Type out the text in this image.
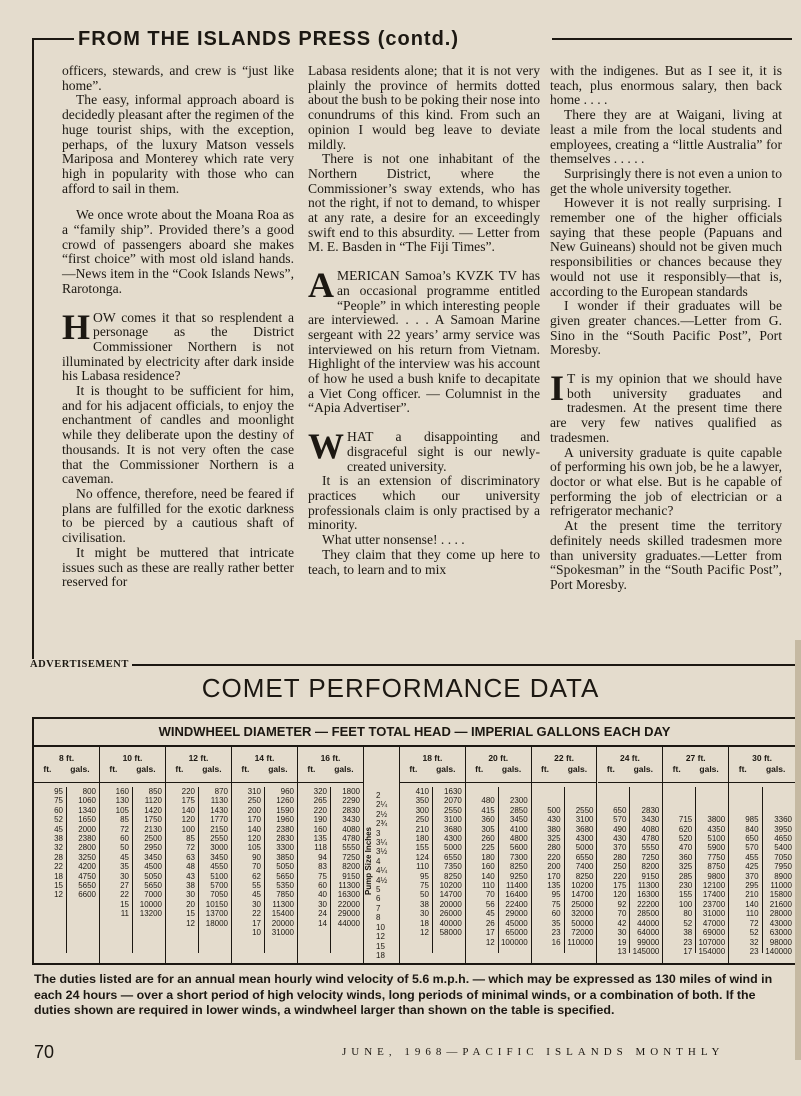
FROM THE ISLANDS PRESS (contd.)

officers, stewards, and crew is “just like home”.

The easy, informal approach aboard is decidedly pleasant after the regimen of the huge tourist ships, with the exception, perhaps, of the luxury Matson vessels Mariposa and Monterey which rate very high in popularity with those who can afford to sail in them.

We once wrote about the Moana Roa as a “family ship”. Provided there’s a good crowd of passengers aboard she makes “first choice” with most old island hands.—News item in the “Cook Islands News”, Rarotonga.

HOW comes it that so resplendent a personage as the District Commissioner Northern is not illuminated by electricity after dark inside his Labasa residence?

It is thought to be sufficient for him, and for his adjacent officials, to enjoy the enchantment of candles and moonlight while they deliberate upon the destiny of thousands. It is not very often the case that the Commissioner Northern is a caveman.

No offence, therefore, need be feared if plans are fulfilled for the exotic darkness to be pierced by a cautious shaft of civilisation.

It might be muttered that intricate issues such as these are really rather better reserved for

Labasa residents alone; that it is not very plainly the province of hermits dotted about the bush to be poking their nose into conundrums of this kind. From such an opinion I would beg leave to deviate mildly.

There is not one inhabitant of the Northern District, where the Commissioner’s sway extends, who has not the right, if not to demand, to whisper at any rate, a desire for an exceedingly swift end to this absurdity. — Letter from M. E. Basden in “The Fiji Times”.

AMERICAN Samoa’s KVZK TV has an occasional programme entitled “People” in which interesting people are interviewed. . . . A Samoan Marine sergeant with 22 years’ army service was interviewed on his return from Vietnam. Highlight of the interview was his account of how he used a bush knife to decapitate a Viet Cong officer. — Columnist in the “Apia Advertiser”.

WHAT a disappointing and disgraceful sight is our newly-created university.

It is an extension of discriminatory practices which our university professionals claim is only practised by a minority.

What utter nonsense! . . . .

They claim that they come up here to teach, to learn and to mix

with the indigenes. But as I see it, it is teach, plus enormous salary, then back home . . . .

There they are at Waigani, living at least a mile from the local students and employees, creating a “little Australia” for themselves . . . . .

Surprisingly there is not even a union to get the whole university together.

However it is not really surprising. I remember one of the higher officials saying that these people (Papuans and New Guineans) should not be given much responsibilities or chances because they would not use it responsibly—that is, according to the European standards

I wonder if their graduates will be given greater chances.—Letter from G. Sino in the “South Pacific Post”, Port Moresby.

I T is my opinion that we should have both university graduates and tradesmen. At the present time there are very few natives qualified as tradesmen.

A university graduate is quite capable of performing his own job, be he a lawyer, doctor or what else. But is he capable of performing the job of electrician or a refrigerator mechanic?

At the present time the territory definitely needs skilled tradesmen more than university graduates.—Letter from “Spokesman” in the “South Pacific Post”, Port Moresby.

ADVERTISEMENT
COMET PERFORMANCE DATA
WINDWHEEL DIAMETER — FEET TOTAL HEAD — IMPERIAL GALLONS EACH DAY
8 ft.
ft. gals.
95
75
60
52
45
38
32
28
22
18
15
12
800
1060
1340
1650
2000
2380
2800
3250
4200
4750
5650
6600
10 ft.
ft. gals.
160
130
105
85
72
60
50
45
35
30
27
22
15
11
850
1120
1420
1750
2130
2500
2950
3450
4500
5050
5650
7000
10000
13200
12 ft.
ft. gals.
220
175
140
120
100
85
72
63
48
43
38
30
20
15
12
870
1130
1430
1770
2150
2550
3000
3450
4550
5100
5700
7050
10150
13700
18000
14 ft.
ft. gals.
310
250
200
170
140
120
105
90
70
62
55
45
30
22
17
10
960
1260
1590
1960
2380
2830
3300
3850
5050
5650
5350
7850
11300
15400
20000
31000
16 ft.
ft. gals.
320
265
220
190
160
135
118
94
83
75
60
40
30
24
14
1800
2290
2830
3430
4080
4780
5550
7250
8200
9150
11300
16300
22000
29000
44000
Pump Size Inches
2
2¼
2½
2¾
3
3¼
3½
4
4¼
4½
5
6
7
8
10
12
15
18
18 ft.
ft. gals.
410
350
300
250
210
180
155
124
110
95
75
50
38
30
18
12
1630
2070
2550
3100
3680
4300
5000
6550
7350
8250
10200
14700
20000
26000
40000
58000
20 ft.
ft. gals.

480
415
360
305
260
225
180
160
140
110
70
56
45
26
17
12

2300
2850
3450
4100
4800
5600
7300
8250
9250
11400
16400
22400
29000
45000
65000
100000
22 ft.
ft. gals.

500
430
380
325
280
220
200
170
135
95
75
60
35
23
16

2550
3100
3680
4300
5000
6550
7400
8250
10200
14700
25000
32000
50000
72000
110000
24 ft.
ft. gals.

650
570
490
430
370
280
250
220
175
120
92
70
42
30
19
13

2830
3430
4080
4780
5550
7250
8200
9150
11300
16300
22200
28500
44000
64000
99000
145000
27 ft.
ft. gals.

715
620
520
470
360
325
285
230
155
100
80
52
38
23
17

3800
4350
5100
5900
7750
8750
9800
12100
17400
23700
31000
47000
69000
107000
154000
30 ft.
ft. gals.

985
840
650
570
455
425
370
295
210
140
110
72
52
32
23

3360
3950
4650
5400
7050
7950
8900
11000
15800
21600
28000
43000
63000
98000
140000
The duties listed are for an annual mean hourly wind velocity of 5.6 m.p.h. — which may be expressed as 130 miles of wind in each 24 hours — over a short period of high velocity winds, long periods of minimal winds, or a combination of both. If the duties shown are required in lower winds, a windwheel larger than shown on the table is specified.
70	JUNE, 1968—PACIFIC ISLANDS MONTHLY
